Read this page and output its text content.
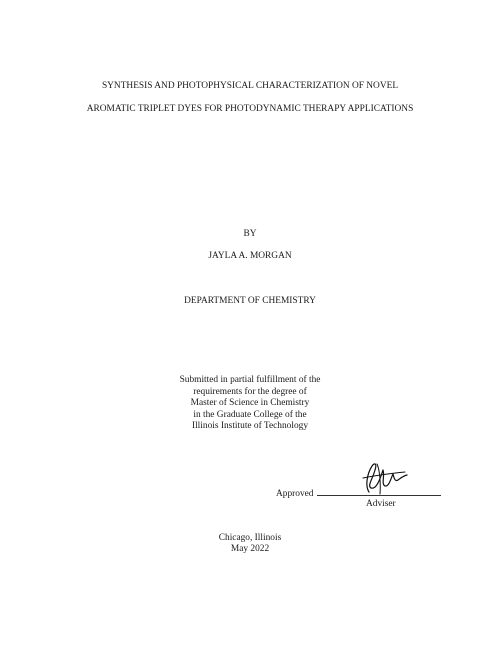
SYNTHESIS AND PHOTOPHYSICAL CHARACTERIZATION OF NOVEL
AROMATIC TRIPLET DYES FOR PHOTODYNAMIC THERAPY APPLICATIONS
BY
JAYLA A. MORGAN
DEPARTMENT OF CHEMISTRY
Submitted in partial fulfillment of the
requirements for the degree of
Master of Science in Chemistry
in the Graduate College of the
Illinois Institute of Technology
Approved
Adviser
Chicago, Illinois
May 2022
